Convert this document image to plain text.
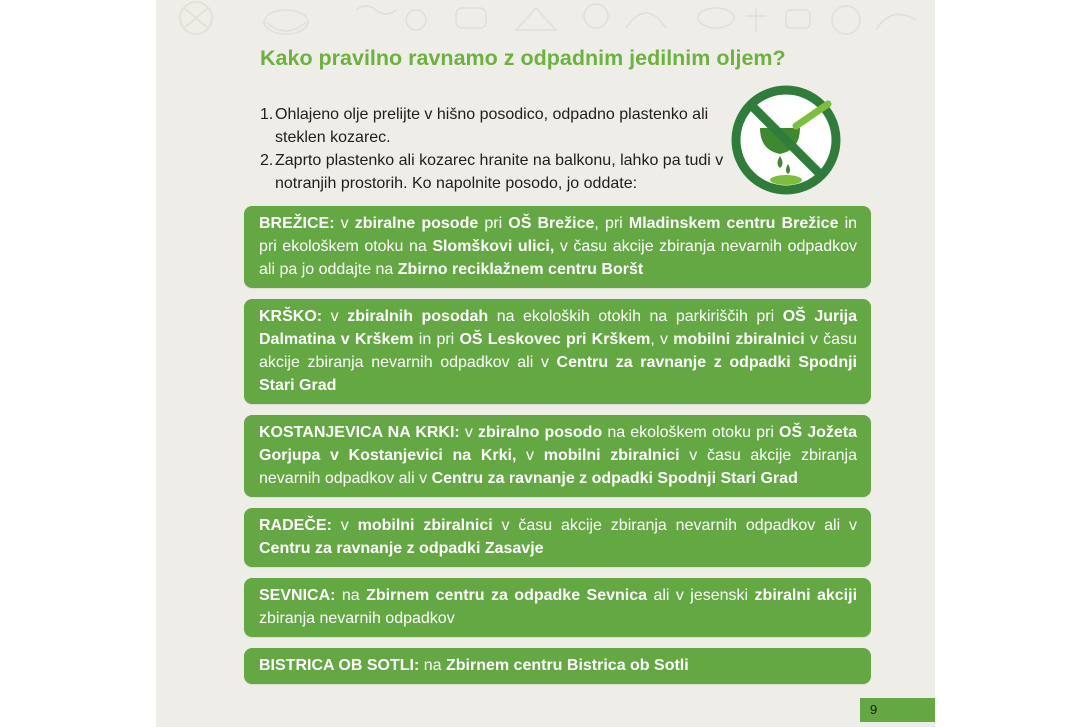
Kako pravilno ravnamo z odpadnim jedilnim oljem?
1. Ohlajeno olje prelijte v hišno posodico, odpadno plastenko ali steklen kozarec.
2. Zaprto plastenko ali kozarec hranite na balkonu, lahko pa tudi v notranjih prostorih. Ko napolnite posodo, jo oddate:
BREŽICE: v zbiralne posode pri OŠ Brežice, pri Mladinskem centru Brežice in pri ekološkem otoku na Slomškovi ulici, v času akcije zbiranja nevarnih odpadkov ali pa jo oddajte na Zbirno reciklažnem centru Boršt
KRŠKO: v zbiralnih posodah na ekoloških otokih na parkiriščih pri OŠ Jurija Dalmatina v Krškem in pri OŠ Leskovec pri Krškem, v mobilni zbiralnici v času akcije zbiranja nevarnih odpadkov ali v Centru za ravnanje z odpadki Spodnji Stari Grad
KOSTANJEVICA NA KRKI: v zbiralno posodo na ekološkem otoku pri OŠ Jožeta Gorjupa v Kostanjevici na Krki, v mobilni zbiralnici v času akcije zbiranja nevarnih odpadkov ali v Centru za ravnanje z odpadki Spodnji Stari Grad
RADEČE: v mobilni zbiralnici v času akcije zbiranja nevarnih odpadkov ali v Centru za ravnanje z odpadki Zasavje
SEVNICA: na Zbirnem centru za odpadke Sevnica ali v jesenski zbiralni akciji zbiranja nevarnih odpadkov
BISTRICA OB SOTLI: na Zbirnem centru Bistrica ob Sotli
9
